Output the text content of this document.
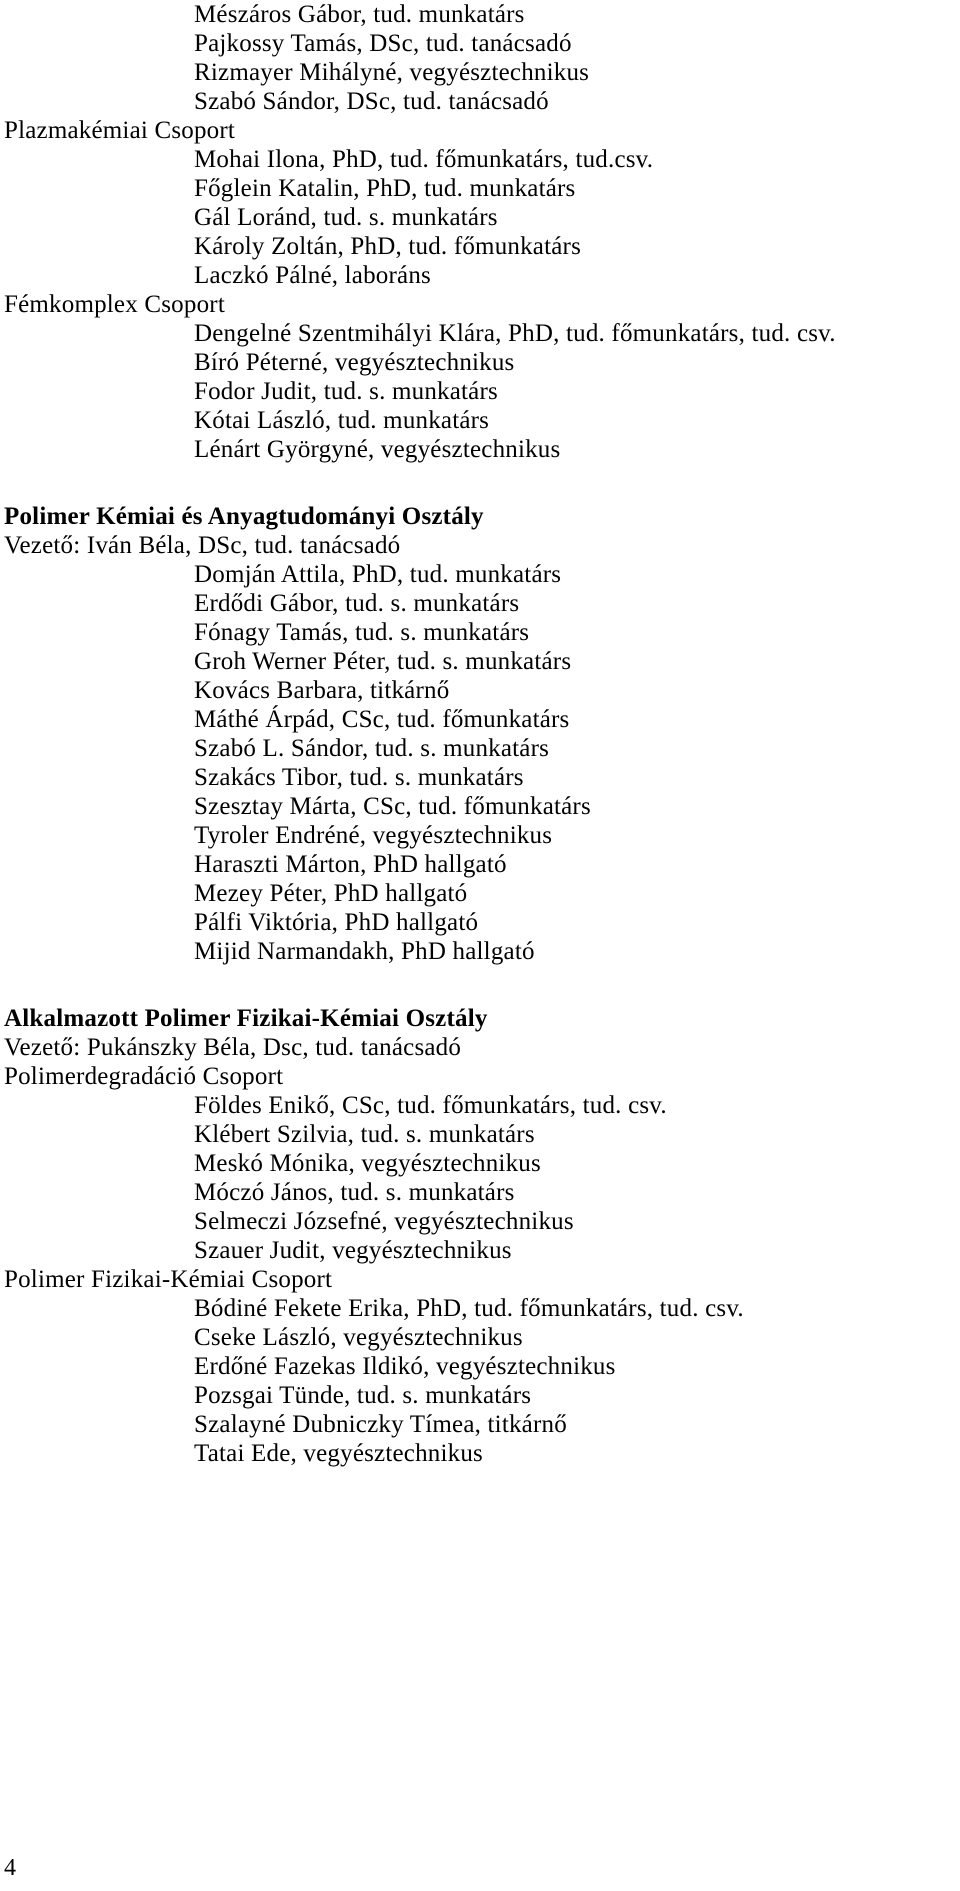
Mészáros Gábor, tud. munkatárs
Pajkossy Tamás, DSc, tud. tanácsadó
Rizmayer Mihályné, vegyésztechnikus
Szabó Sándor, DSc, tud. tanácsadó
Plazmakémiai Csoport
Mohai Ilona, PhD, tud. főmunkatárs, tud.csv.
Főglein Katalin, PhD, tud. munkatárs
Gál Loránd, tud. s. munkatárs
Károly Zoltán, PhD, tud. főmunkatárs
Laczkó Pálné, laboráns
Fémkomplex Csoport
Dengelné Szentmihályi Klára, PhD, tud. főmunkatárs, tud. csv.
Bíró Péterné, vegyésztechnikus
Fodor Judit, tud. s. munkatárs
Kótai László, tud. munkatárs
Lénárt Györgyné, vegyésztechnikus
Polimer Kémiai és Anyagtudományi Osztály
Vezető: Iván Béla, DSc, tud. tanácsadó
Domján Attila, PhD, tud. munkatárs
Erdődi Gábor, tud. s. munkatárs
Fónagy Tamás, tud. s. munkatárs
Groh Werner Péter, tud. s. munkatárs
Kovács Barbara, titkárnő
Máthé Árpád, CSc, tud. főmunkatárs
Szabó L. Sándor, tud. s. munkatárs
Szakács Tibor, tud. s. munkatárs
Szesztay Márta, CSc, tud. főmunkatárs
Tyroler Endréné, vegyésztechnikus
Haraszti Márton, PhD hallgató
Mezey Péter, PhD hallgató
Pálfi Viktória, PhD hallgató
Mijid Narmandakh, PhD hallgató
Alkalmazott Polimer Fizikai-Kémiai Osztály
Vezető: Pukánszky Béla, Dsc, tud. tanácsadó
Polimerdegradáció Csoport
Földes Enikő, CSc, tud. főmunkatárs, tud. csv.
Klébert Szilvia, tud. s. munkatárs
Meskó Mónika, vegyésztechnikus
Móczó János, tud. s. munkatárs
Selmeczi Józsefné, vegyésztechnikus
Szauer Judit, vegyésztechnikus
Polimer Fizikai-Kémiai Csoport
Bódiné Fekete Erika, PhD, tud. főmunkatárs, tud. csv.
Cseke László, vegyésztechnikus
Erdőné Fazekas Ildikó, vegyésztechnikus
Pozsgai Tünde, tud. s. munkatárs
Szalayné Dubniczky Tímea, titkárnő
Tatai Ede, vegyésztechnikus
4
